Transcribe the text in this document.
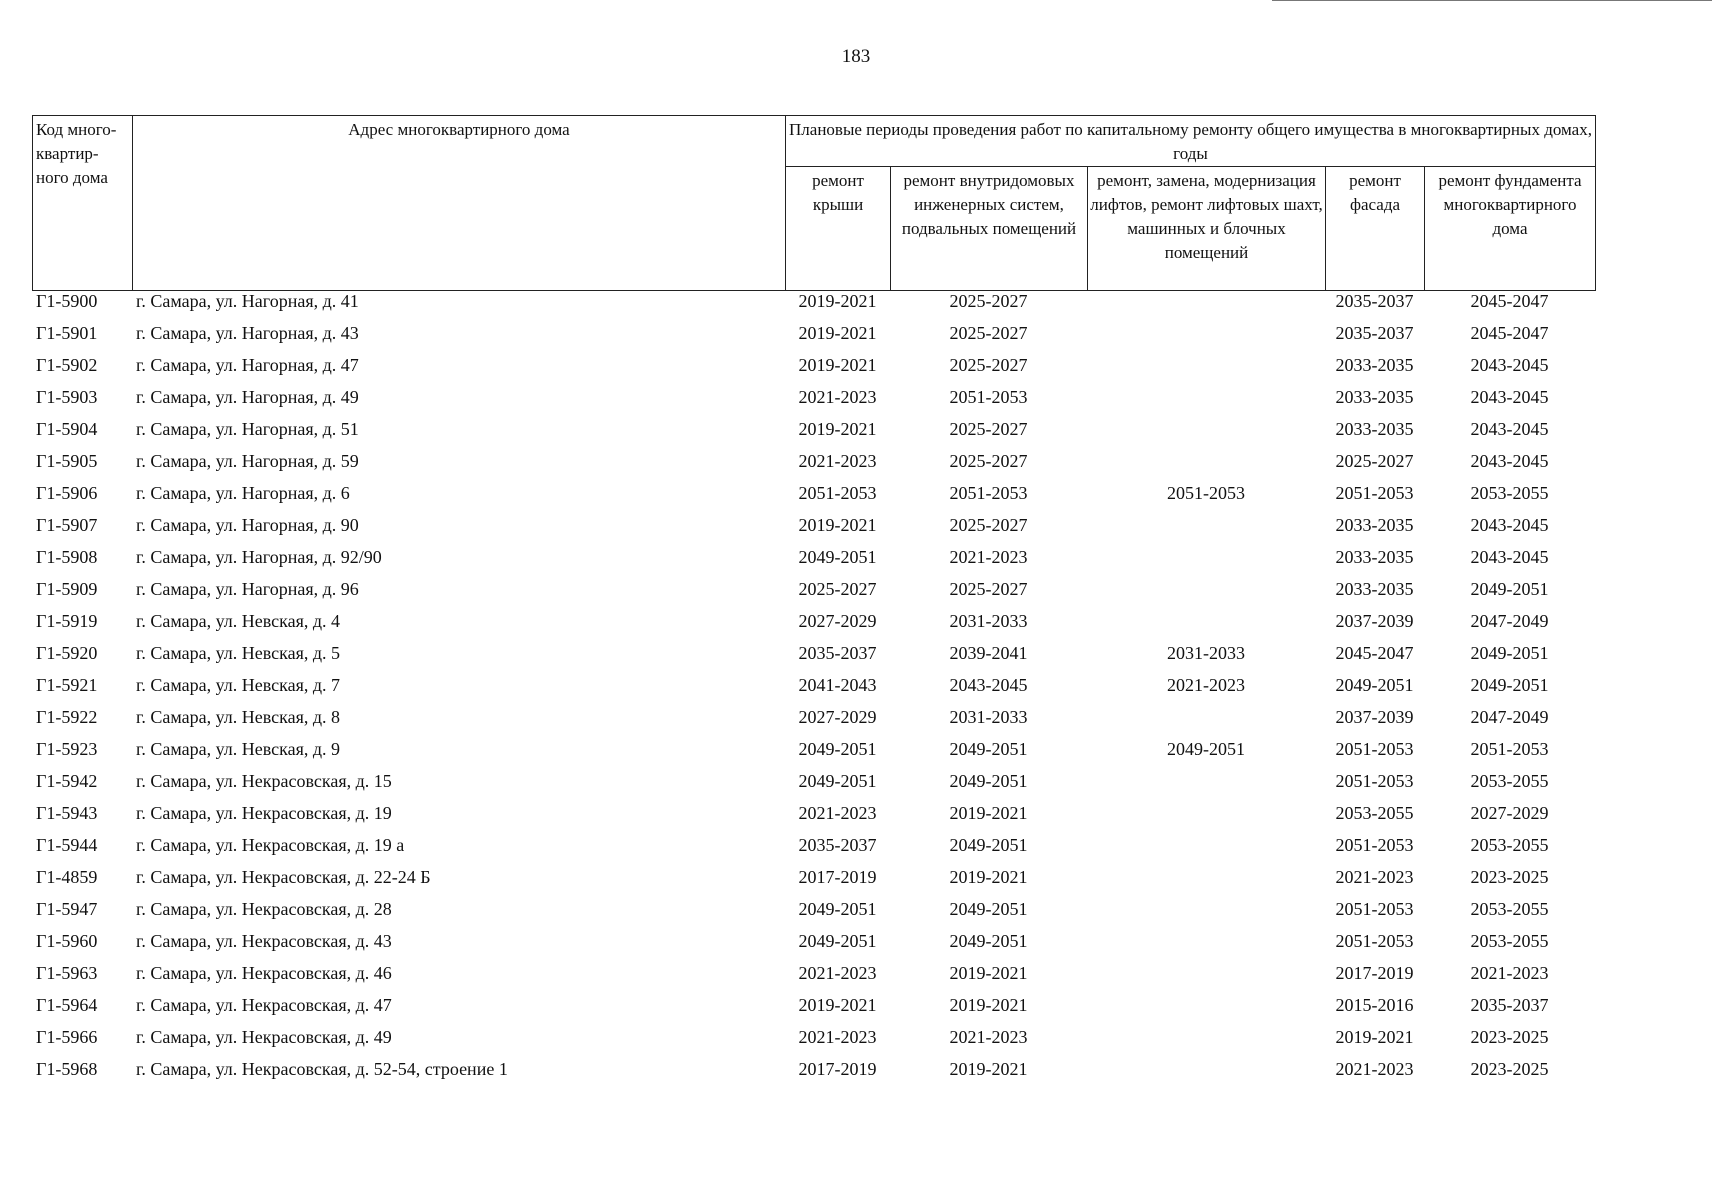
183
Код много-квартир-ного дома	Адрес многоквартирного дома	Плановые периоды проведения работ по капитальному ремонту общего имущества в многоквартирных домах, годы				
		ремонт крыши	ремонт внутридомовых инженерных систем, подвальных помещений	ремонт, замена, модернизация лифтов, ремонт лифтовых шахт, машинных и блочных помещений	ремонт фасада	ремонт фундамента многоквартирного дома
Г1-5900	г. Самара, ул. Нагорная, д. 41	2019-2021	2025-2027		2035-2037	2045-2047
Г1-5901	г. Самара, ул. Нагорная, д. 43	2019-2021	2025-2027		2035-2037	2045-2047
Г1-5902	г. Самара, ул. Нагорная, д. 47	2019-2021	2025-2027		2033-2035	2043-2045
Г1-5903	г. Самара, ул. Нагорная, д. 49	2021-2023	2051-2053		2033-2035	2043-2045
Г1-5904	г. Самара, ул. Нагорная, д. 51	2019-2021	2025-2027		2033-2035	2043-2045
Г1-5905	г. Самара, ул. Нагорная, д. 59	2021-2023	2025-2027		2025-2027	2043-2045
Г1-5906	г. Самара, ул. Нагорная, д. 6	2051-2053	2051-2053	2051-2053	2051-2053	2053-2055
Г1-5907	г. Самара, ул. Нагорная, д. 90	2019-2021	2025-2027		2033-2035	2043-2045
Г1-5908	г. Самара, ул. Нагорная, д. 92/90	2049-2051	2021-2023		2033-2035	2043-2045
Г1-5909	г. Самара, ул. Нагорная, д. 96	2025-2027	2025-2027		2033-2035	2049-2051
Г1-5919	г. Самара, ул. Невская, д. 4	2027-2029	2031-2033		2037-2039	2047-2049
Г1-5920	г. Самара, ул. Невская, д. 5	2035-2037	2039-2041	2031-2033	2045-2047	2049-2051
Г1-5921	г. Самара, ул. Невская, д. 7	2041-2043	2043-2045	2021-2023	2049-2051	2049-2051
Г1-5922	г. Самара, ул. Невская, д. 8	2027-2029	2031-2033		2037-2039	2047-2049
Г1-5923	г. Самара, ул. Невская, д. 9	2049-2051	2049-2051	2049-2051	2051-2053	2051-2053
Г1-5942	г. Самара, ул. Некрасовская, д. 15	2049-2051	2049-2051		2051-2053	2053-2055
Г1-5943	г. Самара, ул. Некрасовская, д. 19	2021-2023	2019-2021		2053-2055	2027-2029
Г1-5944	г. Самара, ул. Некрасовская, д. 19 а	2035-2037	2049-2051		2051-2053	2053-2055
Г1-4859	г. Самара, ул. Некрасовская, д. 22-24 Б	2017-2019	2019-2021		2021-2023	2023-2025
Г1-5947	г. Самара, ул. Некрасовская, д. 28	2049-2051	2049-2051		2051-2053	2053-2055
Г1-5960	г. Самара, ул. Некрасовская, д. 43	2049-2051	2049-2051		2051-2053	2053-2055
Г1-5963	г. Самара, ул. Некрасовская, д. 46	2021-2023	2019-2021		2017-2019	2021-2023
Г1-5964	г. Самара, ул. Некрасовская, д. 47	2019-2021	2019-2021		2015-2016	2035-2037
Г1-5966	г. Самара, ул. Некрасовская, д. 49	2021-2023	2021-2023		2019-2021	2023-2025
Г1-5968	г. Самара, ул. Некрасовская, д. 52-54, строение 1	2017-2019	2019-2021		2021-2023	2023-2025
